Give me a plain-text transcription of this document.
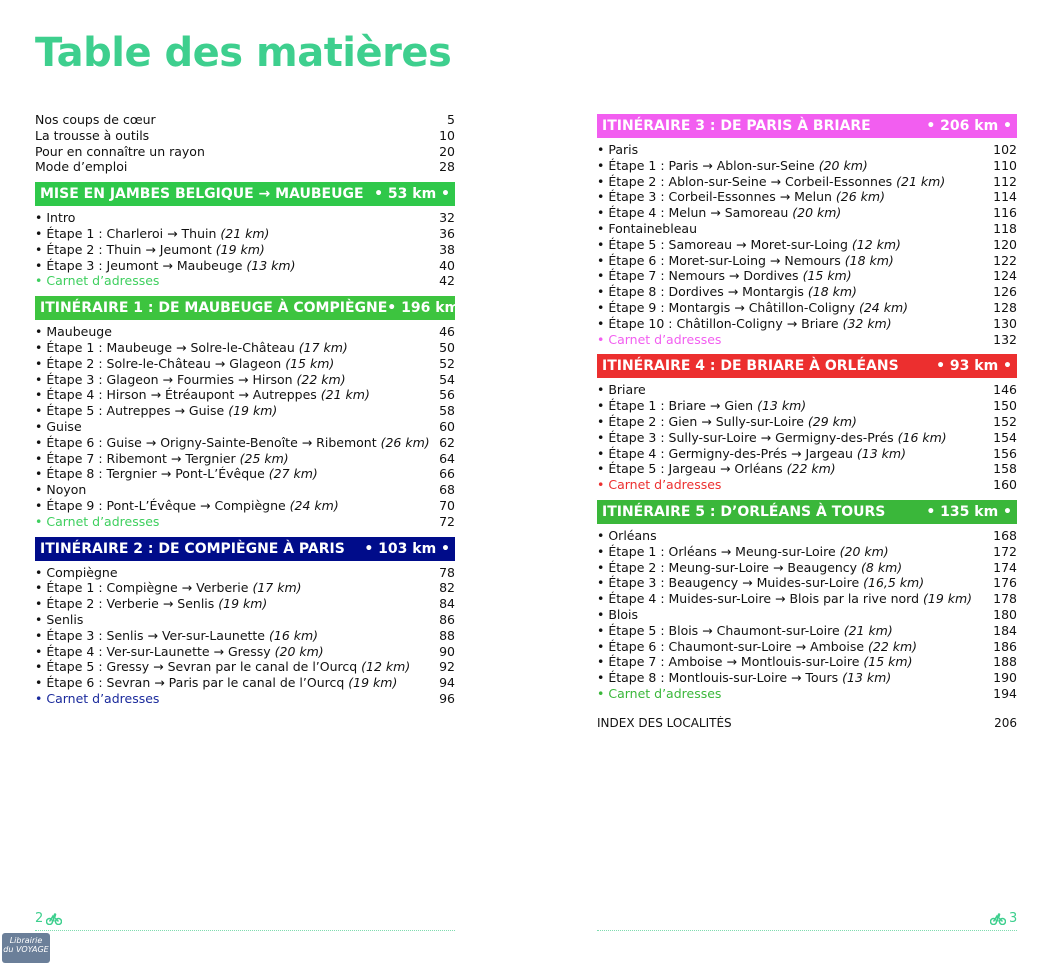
Table des matières
Nos coups de cœur	5
La trousse à outils	10
Pour en connaître un rayon	20
Mode d’emploi	28
MISE EN JAMBES BELGIQUE → MAUBEUGE • 53 km •
• Intro	32
• Étape 1 : Charleroi → Thuin (21 km)	36
• Étape 2 : Thuin → Jeumont (19 km)	38
• Étape 3 : Jeumont → Maubeuge (13 km)	40
• Carnet d’adresses	42
ITINÉRAIRE 1 : DE MAUBEUGE À COMPIÈGNE • 196 km •
• Maubeuge	46
• Étape 1 : Maubeuge → Solre-le-Château (17 km)	50
• Étape 2 : Solre-le-Château → Glageon (15 km)	52
• Étape 3 : Glageon → Fourmies → Hirson (22 km)	54
• Étape 4 : Hirson → Étréaupont → Autreppes (21 km)	56
• Étape 5 : Autreppes → Guise (19 km)	58
• Guise	60
• Étape 6 : Guise → Origny-Sainte-Benoîte → Ribemont (26 km) 62
• Étape 7 : Ribemont → Tergnier (25 km)	64
• Étape 8 : Tergnier → Pont-L’Évêque (27 km)	66
• Noyon	68
• Étape 9 : Pont-L’Évêque → Compiègne (24 km)	70
• Carnet d’adresses	72
ITINÉRAIRE 2 : DE COMPIÈGNE À PARIS • 103 km •
• Compiègne	78
• Étape 1 : Compiègne → Verberie (17 km)	82
• Étape 2 : Verberie → Senlis (19 km)	84
• Senlis	86
• Étape 3 : Senlis → Ver-sur-Launette (16 km)	88
• Étape 4 : Ver-sur-Launette → Gressy (20 km)	90
• Étape 5 : Gressy → Sevran par le canal de l’Ourcq (12 km)	92
• Étape 6 : Sevran → Paris par le canal de l’Ourcq (19 km)	94
• Carnet d’adresses	96
ITINÉRAIRE 3 : DE PARIS À BRIARE	• 206 km •
• Paris	102
• Étape 1 : Paris → Ablon-sur-Seine (20 km)	110
• Étape 2 : Ablon-sur-Seine → Corbeil-Essonnes (21 km)	112
• Étape 3 : Corbeil-Essonnes → Melun (26 km)	114
• Étape 4 : Melun → Samoreau (20 km)	116
• Fontainebleau	118
• Étape 5 : Samoreau → Moret-sur-Loing (12 km)	120
• Étape 6 : Moret-sur-Loing → Nemours (18 km)	122
• Étape 7 : Nemours → Dordives (15 km)	124
• Étape 8 : Dordives → Montargis (18 km)	126
• Étape 9 : Montargis → Châtillon-Coligny (24 km)	128
• Étape 10 : Châtillon-Coligny → Briare (32 km)	130
• Carnet d’adresses	132
ITINÉRAIRE 4 : DE BRIARE À ORLÉANS	• 93 km •
• Briare	146
• Étape 1 : Briare → Gien (13 km)	150
• Étape 2 : Gien → Sully-sur-Loire (29 km)	152
• Étape 3 : Sully-sur-Loire → Germigny-des-Prés (16 km)	154
• Étape 4 : Germigny-des-Prés → Jargeau (13 km)	156
• Étape 5 : Jargeau → Orléans (22 km)	158
• Carnet d’adresses	160
ITINÉRAIRE 5 : D’ORLÉANS À TOURS	• 135 km •
• Orléans	168
• Étape 1 : Orléans → Meung-sur-Loire (20 km)	172
• Étape 2 : Meung-sur-Loire → Beaugency (8 km)	174
• Étape 3 : Beaugency → Muides-sur-Loire (16,5 km)	176
• Étape 4 : Muides-sur-Loire → Blois par la rive nord (19 km)	178
• Blois	180
• Étape 5 : Blois → Chaumont-sur-Loire (21 km)	184
• Étape 6 : Chaumont-sur-Loire → Amboise (22 km)	186
• Étape 7 : Amboise → Montlouis-sur-Loire (15 km)	188
• Étape 8 : Montlouis-sur-Loire → Tours (13 km)	190
• Carnet d’adresses	194
INDEX DES LOCALITÉS	206
2	3
Librairie
du VOYAGE
